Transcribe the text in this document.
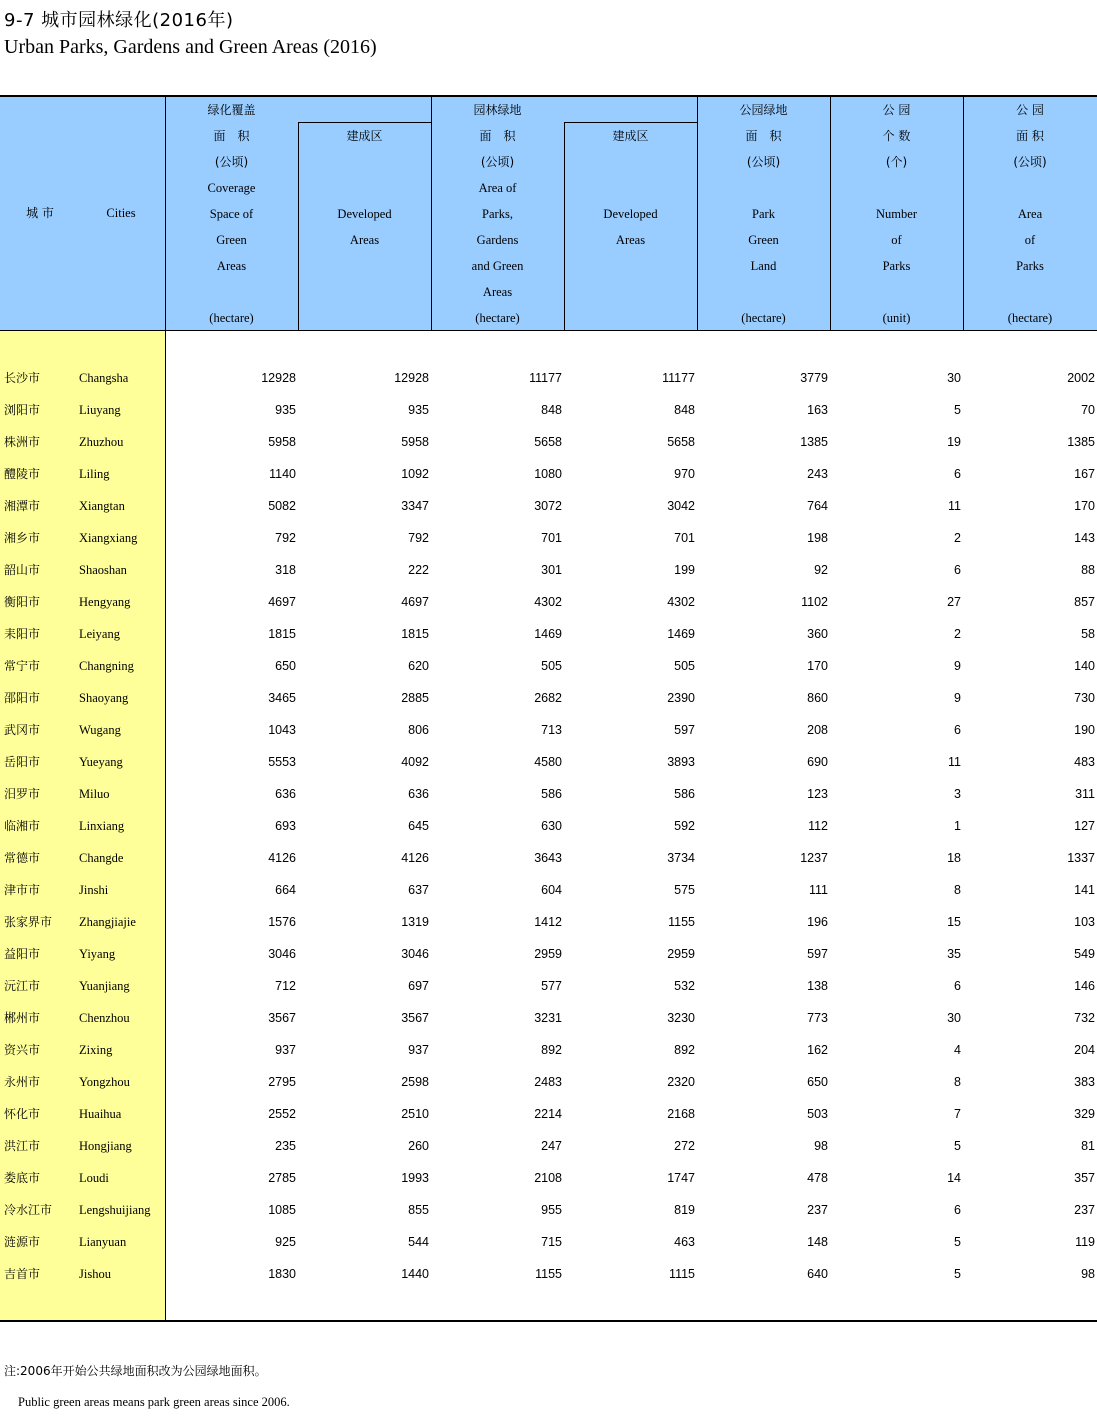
9-7 城市园林绿化(2016年)
Urban Parks, Gardens and Green Areas (2016)
城 市	Cities
绿化覆盖	园林绿地	公园绿地	公 园	公 园
面　积
(公顷)
Coverage
Space of
Green
Areas
(hectare)
建成区
Developed
Areas
面　积
(公顷)
Area of
Parks,
Gardens
and Green
Areas
(hectare)
建成区
Developed
Areas
面　积
(公顷)
Park
Green
Land
(hectare)
个 数
(个)
Number
of
Parks
(unit)
面 积
(公顷)
Area
of
Parks
(hectare)
长沙市	Changsha	12928	12928	11177	11177	3779	30	2002
浏阳市	Liuyang	935	935	848	848	163	5	70
株洲市	Zhuzhou	5958	5958	5658	5658	1385	19	1385
醴陵市	Liling	1140	1092	1080	970	243	6	167
湘潭市	Xiangtan	5082	3347	3072	3042	764	11	170
湘乡市	Xiangxiang	792	792	701	701	198	2	143
韶山市	Shaoshan	318	222	301	199	92	6	88
衡阳市	Hengyang	4697	4697	4302	4302	1102	27	857
耒阳市	Leiyang	1815	1815	1469	1469	360	2	58
常宁市	Changning	650	620	505	505	170	9	140
邵阳市	Shaoyang	3465	2885	2682	2390	860	9	730
武冈市	Wugang	1043	806	713	597	208	6	190
岳阳市	Yueyang	5553	4092	4580	3893	690	11	483
汨罗市	Miluo	636	636	586	586	123	3	311
临湘市	Linxiang	693	645	630	592	112	1	127
常德市	Changde	4126	4126	3643	3734	1237	18	1337
津市市	Jinshi	664	637	604	575	111	8	141
张家界市 Zhangjiajie	1576	1319	1412	1155	196	15	103
益阳市	Yiyang	3046	3046	2959	2959	597	35	549
沅江市	Yuanjiang	712	697	577	532	138	6	146
郴州市	Chenzhou	3567	3567	3231	3230	773	30	732
资兴市	Zixing	937	937	892	892	162	4	204
永州市	Yongzhou	2795	2598	2483	2320	650	8	383
怀化市	Huaihua	2552	2510	2214	2168	503	7	329
洪江市	Hongjiang	235	260	247	272	98	5	81
娄底市	Loudi	2785	1993	2108	1747	478	14	357
冷水江市 Lengshuijiang	1085	855	955	819	237	6	237
涟源市	Lianyuan	925	544	715	463	148	5	119
吉首市	Jishou	1830	1440	1155	1115	640	5	98
注:2006年开始公共绿地面积改为公园绿地面积。
Public green areas means park green areas since 2006.
